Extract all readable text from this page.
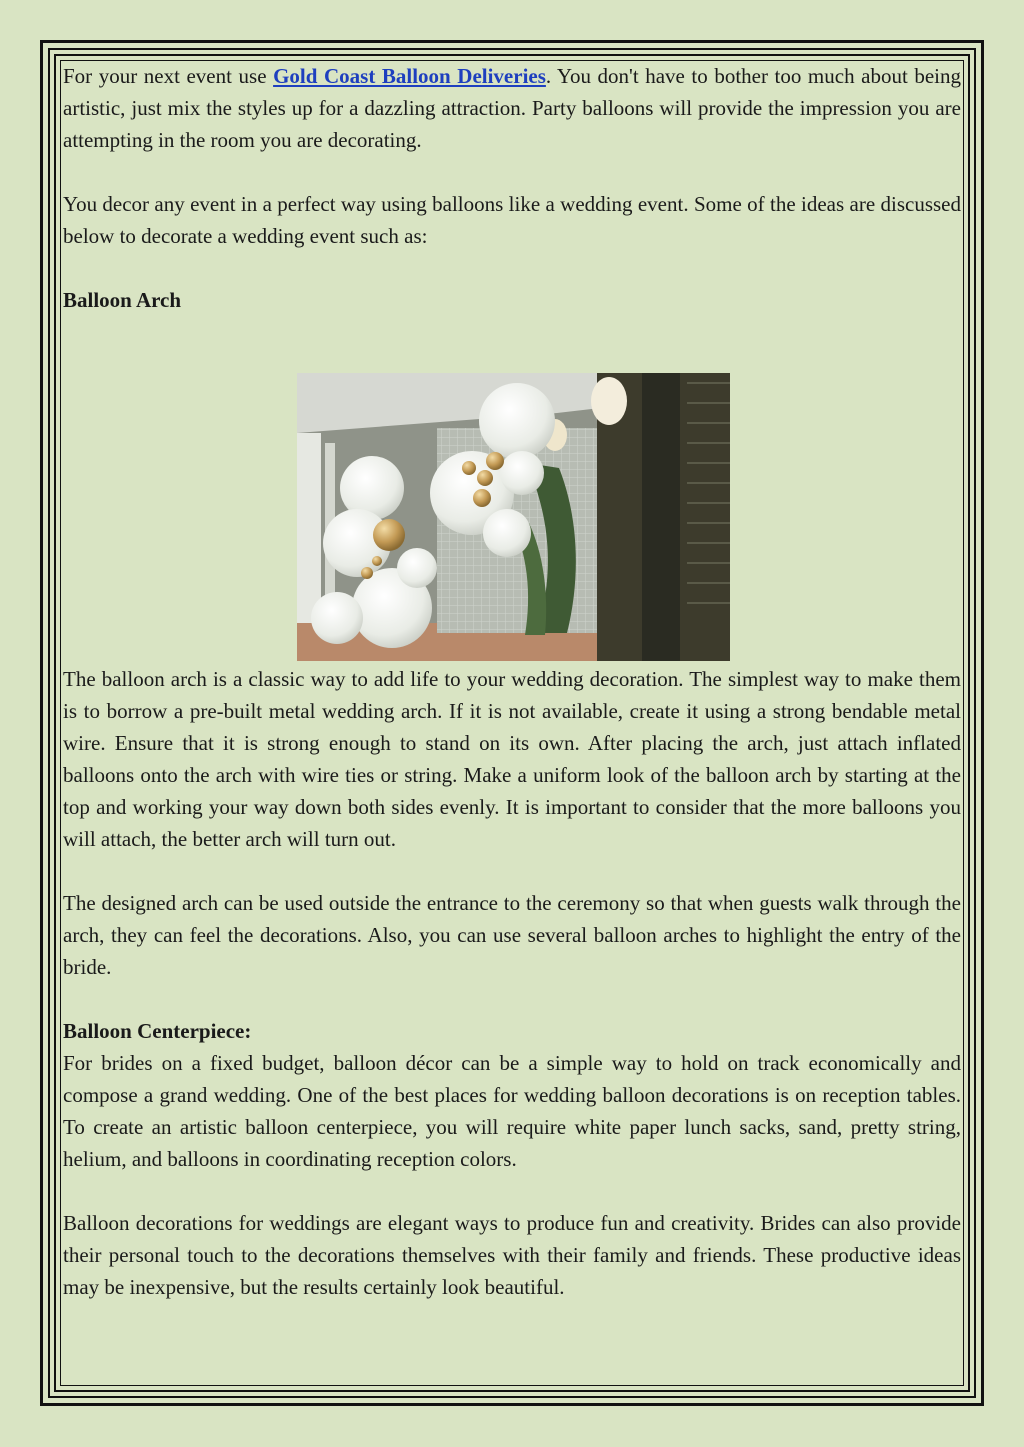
For your next event use Gold Coast Balloon Deliveries. You don't have to bother too much about being artistic, just mix the styles up for a dazzling attraction. Party balloons will provide the impression you are attempting in the room you are decorating.

You decor any event in a perfect way using balloons like a wedding event. Some of the ideas are discussed below to decorate a wedding event such as:

Balloon Arch

The balloon arch is a classic way to add life to your wedding decoration. The simplest way to make them is to borrow a pre-built metal wedding arch. If it is not available, create it using a strong bendable metal wire. Ensure that it is strong enough to stand on its own. After placing the arch, just attach inflated balloons onto the arch with wire ties or string. Make a uniform look of the balloon arch by starting at the top and working your way down both sides evenly. It is important to consider that the more balloons you will attach, the better arch will turn out.

The designed arch can be used outside the entrance to the ceremony so that when guests walk through the arch, they can feel the decorations. Also, you can use several balloon arches to highlight the entry of the bride.

Balloon Centerpiece:

For brides on a fixed budget, balloon décor can be a simple way to hold on track economically and compose a grand wedding. One of the best places for wedding balloon decorations is on reception tables. To create an artistic balloon centerpiece, you will require white paper lunch sacks, sand, pretty string, helium, and balloons in coordinating reception colors.

Balloon decorations for weddings are elegant ways to produce fun and creativity. Brides can also provide their personal touch to the decorations themselves with their family and friends. These productive ideas may be inexpensive, but the results certainly look beautiful.
